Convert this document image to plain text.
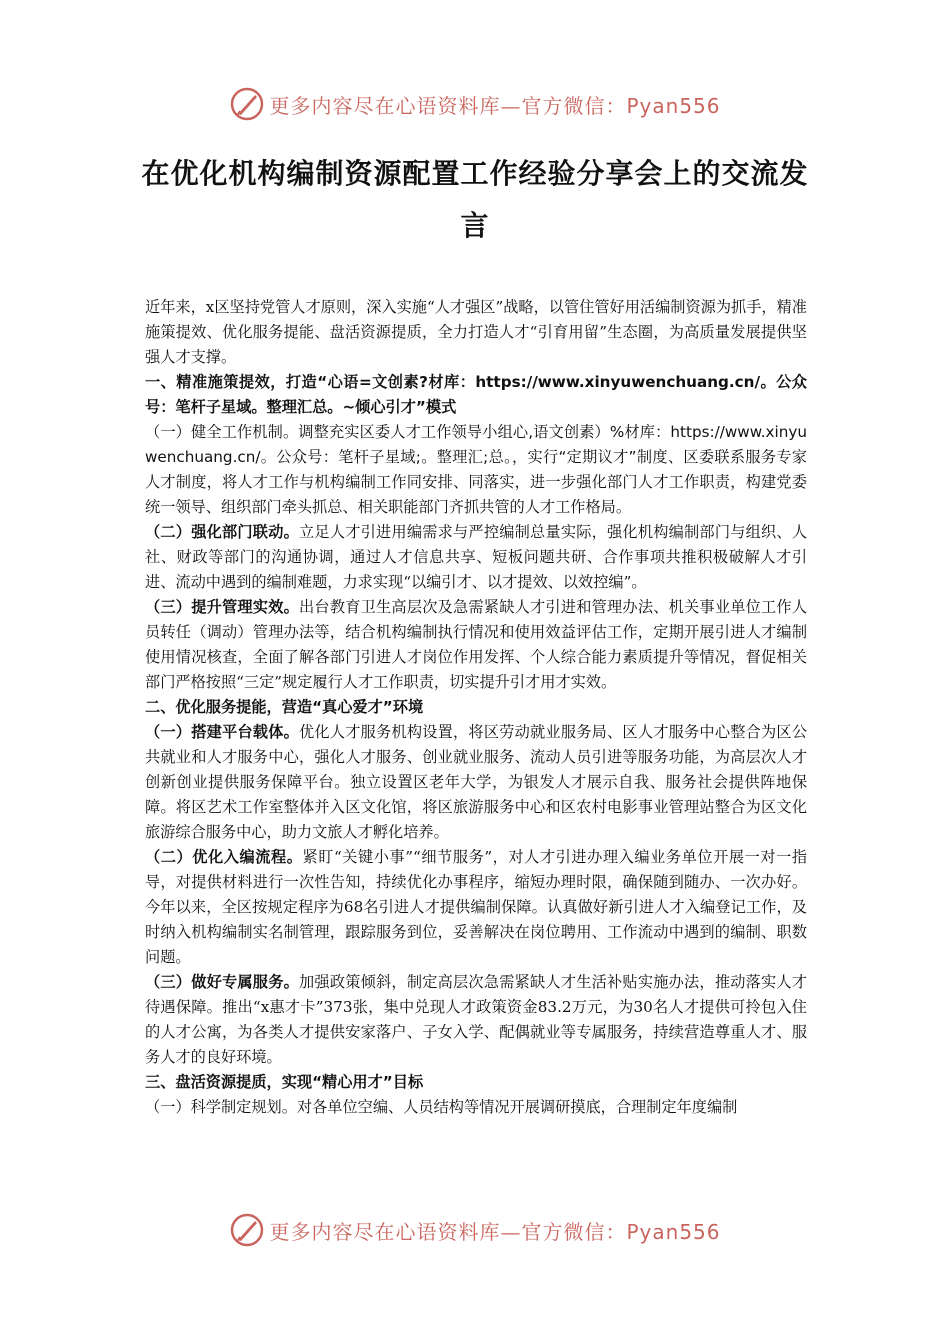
更多内容尽在心语资料库—官方微信：Pyan556
在优化机构编制资源配置工作经验分享会上的交流发言

近年来，x区坚持党管人才原则，深入实施“人才强区”战略，以管住管好用活编制资源为抓手，精准施策提效、优化服务提能、盘活资源提质，全力打造人才“引育用留”生态圈，为高质量发展提供坚强人才支撑。

一、精准施策提效，打造“心语=文创素?材库：https://www.xinyuwenchuang.cn/。公众号：笔杆子星域。整理汇总。~倾心引才”模式

（一）健全工作机制。调整充实区委人才工作领导小组心,语文创素）%材库：https://www.xinyuwenchuang.cn/。公众号：笔杆子星域;。整理汇;总。，实行“定期议才”制度、区委联系服务专家人才制度，将人才工作与机构编制工作同安排、同落实，进一步强化部门人才工作职责，构建党委统一领导、组织部门牵头抓总、相关职能部门齐抓共管的人才工作格局。

（二）强化部门联动。立足人才引进用编需求与严控编制总量实际，强化机构编制部门与组织、人社、财政等部门的沟通协调，通过人才信息共享、短板问题共研、合作事项共推积极破解人才引进、流动中遇到的编制难题，力求实现“以编引才、以才提效、以效控编”。

（三）提升管理实效。出台教育卫生高层次及急需紧缺人才引进和管理办法、机关事业单位工作人员转任（调动）管理办法等，结合机构编制执行情况和使用效益评估工作，定期开展引进人才编制使用情况核查，全面了解各部门引进人才岗位作用发挥、个人综合能力素质提升等情况，督促相关部门严格按照“三定”规定履行人才工作职责，切实提升引才用才实效。

二、优化服务提能，营造“真心爱才”环境

（一）搭建平台载体。优化人才服务机构设置，将区劳动就业服务局、区人才服务中心整合为区公共就业和人才服务中心，强化人才服务、创业就业服务、流动人员引进等服务功能，为高层次人才创新创业提供服务保障平台。独立设置区老年大学，为银发人才展示自我、服务社会提供阵地保障。将区艺术工作室整体并入区文化馆，将区旅游服务中心和区农村电影事业管理站整合为区文化旅游综合服务中心，助力文旅人才孵化培养。

（二）优化入编流程。紧盯“关键小事”“细节服务”，对人才引进办理入编业务单位开展一对一指导，对提供材料进行一次性告知，持续优化办事程序，缩短办理时限，确保随到随办、一次办好。今年以来，全区按规定程序为68名引进人才提供编制保障。认真做好新引进人才入编登记工作，及时纳入机构编制实名制管理，跟踪服务到位，妥善解决在岗位聘用、工作流动中遇到的编制、职数问题。

（三）做好专属服务。加强政策倾斜，制定高层次急需紧缺人才生活补贴实施办法，推动落实人才待遇保障。推出“x惠才卡”373张，集中兑现人才政策资金83.2万元，为30名人才提供可拎包入住的人才公寓，为各类人才提供安家落户、子女入学、配偶就业等专属服务，持续营造尊重人才、服务人才的良好环境。

三、盘活资源提质，实现“精心用才”目标

（一）科学制定规划。对各单位空编、人员结构等情况开展调研摸底，合理制定年度编制

更多内容尽在心语资料库—官方微信：Pyan556
